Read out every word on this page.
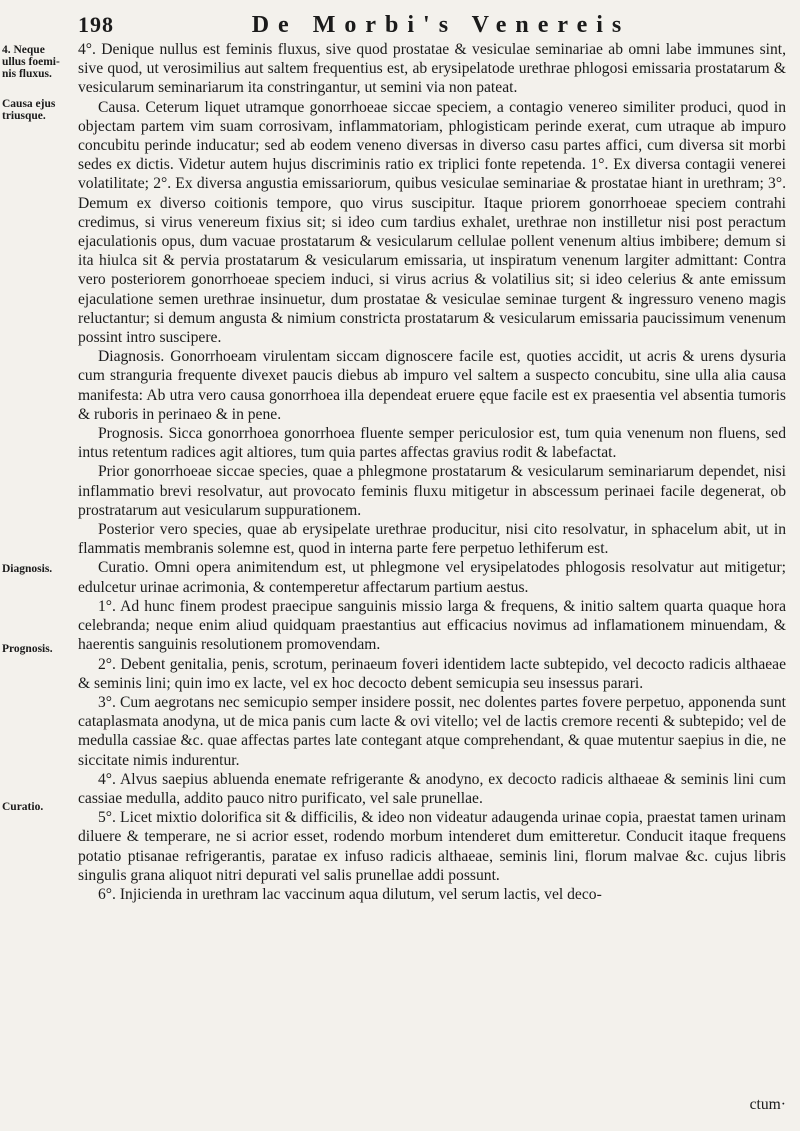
198	De Morbi's Venereis
4. Neque ullus foeminis fluxus.
Causa ejus triusque.
Diagnosis.
Prognosis.
Curatio.

4°. Denique nullus est feminis fluxus, sive quod prostatae & vesiculae seminariae ab omni labe immunes sint, sive quod, ut verosimilius aut saltem frequentius est, ab erysipelatode urethrae phlogosi emissaria prostatarum & vesicularum seminariarum ita constringantur, ut semini via non pateat.

Causa. Ceterum liquet utramque gonorrhoeae siccae speciem, a contagio venereo similiter produci, quod in objectam partem vim suam corrosivam, inflammatoriam, phlogisticam perinde exerat, cum utraque ab impuro concubitu perinde inducatur; sed ab eodem veneno diversas in diverso casu partes affici, cum diversa sit morbi sedes ex dictis. Videtur autem hujus discriminis ratio ex triplici fonte repetenda. 1°. Ex diversa contagii venerei volatilitate; 2°. Ex diversa angustia emissariorum, quibus vesiculae seminariae & prostatae hiant in urethram; 3°. Demum ex diverso coitionis tempore, quo virus suscipitur. Itaque priorem gonorrhoeae speciem contrahi credimus, si virus venereum fixius sit; si ideo cum tardius exhalet, urethrae non instilletur nisi post peractum ejaculationis opus, dum vacuae prostatarum & vesicularum cellulae pollent venenum altius imbibere; demum si ita hiulca sit & pervia prostatarum & vesicularum emissaria, ut inspiratum venenum largiter admittant: Contra vero posteriorem gonorrhoeae speciem induci, si virus acrius & volatilius sit; si ideo celerius & ante emissum ejaculatione semen urethrae insinuetur, dum prostatae & vesiculae seminae turgent & ingressuro veneno magis reluctantur; si demum angusta & nimium constricta prostatarum & vesicularum emissaria paucissimum venenum possint intro suscipere.

Diagnosis. Gonorrhoeam virulentam siccam dignoscere facile est, quoties accidit, ut acris & urens dysuria cum stranguria frequente divexet paucis diebus ab impuro vel saltem a suspecto concubitu, sine ulla alia causa manifesta: Ab utra vero causa gonorrhoea illa dependeat eruere ęque facile est ex praesentia vel absentia tumoris & ruboris in perinaeo & in pene.

Prognosis. Sicca gonorrhoea gonorrhoea fluente semper periculosior est, tum quia venenum non fluens, sed intus retentum radices agit altiores, tum quia partes affectas gravius rodit & labefactat.

Prior gonorrhoeae siccae species, quae a phlegmone prostatarum & vesicularum seminariarum dependet, nisi inflammatio brevi resolvatur, aut provocato feminis fluxu mitigetur in abscessum perinaei facile degenerat, ob prostratarum aut vesicularum suppurationem.

Posterior vero species, quae ab erysipelate urethrae producitur, nisi cito resolvatur, in sphacelum abit, ut in flammatis membranis solemne est, quod in interna parte fere perpetuo lethiferum est.

Curatio. Omni opera animitendum est, ut phlegmone vel erysipelatodes phlogosis resolvatur aut mitigetur; edulcetur urinae acrimonia, & contemperetur affectarum partium aestus.

1°. Ad hunc finem prodest praecipue sanguinis missio larga & frequens, & initio saltem quarta quaque hora celebranda; neque enim aliud quidquam praestantius aut efficacius novimus ad inflamationem minuendam, & haerentis sanguinis resolutionem promovendam.

2°. Debent genitalia, penis, scrotum, perinaeum foveri identidem lacte subtepido, vel decocto radicis althaeae & seminis lini; quin imo ex lacte, vel ex hoc decocto debent semicupia seu insessus parari.

3°. Cum aegrotans nec semicupio semper insidere possit, nec dolentes partes fovere perpetuo, apponenda sunt cataplasmata anodyna, ut de mica panis cum lacte & ovi vitello; vel de lactis cremore recenti & subtepido; vel de medulla cassiae &c. quae affectas partes late contegant atque comprehendant, & quae mutentur saepius in die, ne siccitate nimis indurentur.

4°. Alvus saepius abluenda enemate refrigerante & anodyno, ex decocto radicis althaeae & seminis lini cum cassiae medulla, addito pauco nitro purificato, vel sale prunellae.

5°. Licet mixtio dolorifica sit & difficilis, & ideo non videatur adaugenda urinae copia, praestat tamen urinam diluere & temperare, ne si acrior esset, rodendo morbum intenderet dum emitteretur. Conducit itaque frequens potatio ptisanae refrigerantis, paratae ex infuso radicis althaeae, seminis lini, florum malvae &c. cujus libris singulis grana aliquot nitri depurati vel salis prunellae addi possunt.

6°. Injicienda in urethram lac vaccinum aqua dilutum, vel serum lactis, vel deco-

ctum·
